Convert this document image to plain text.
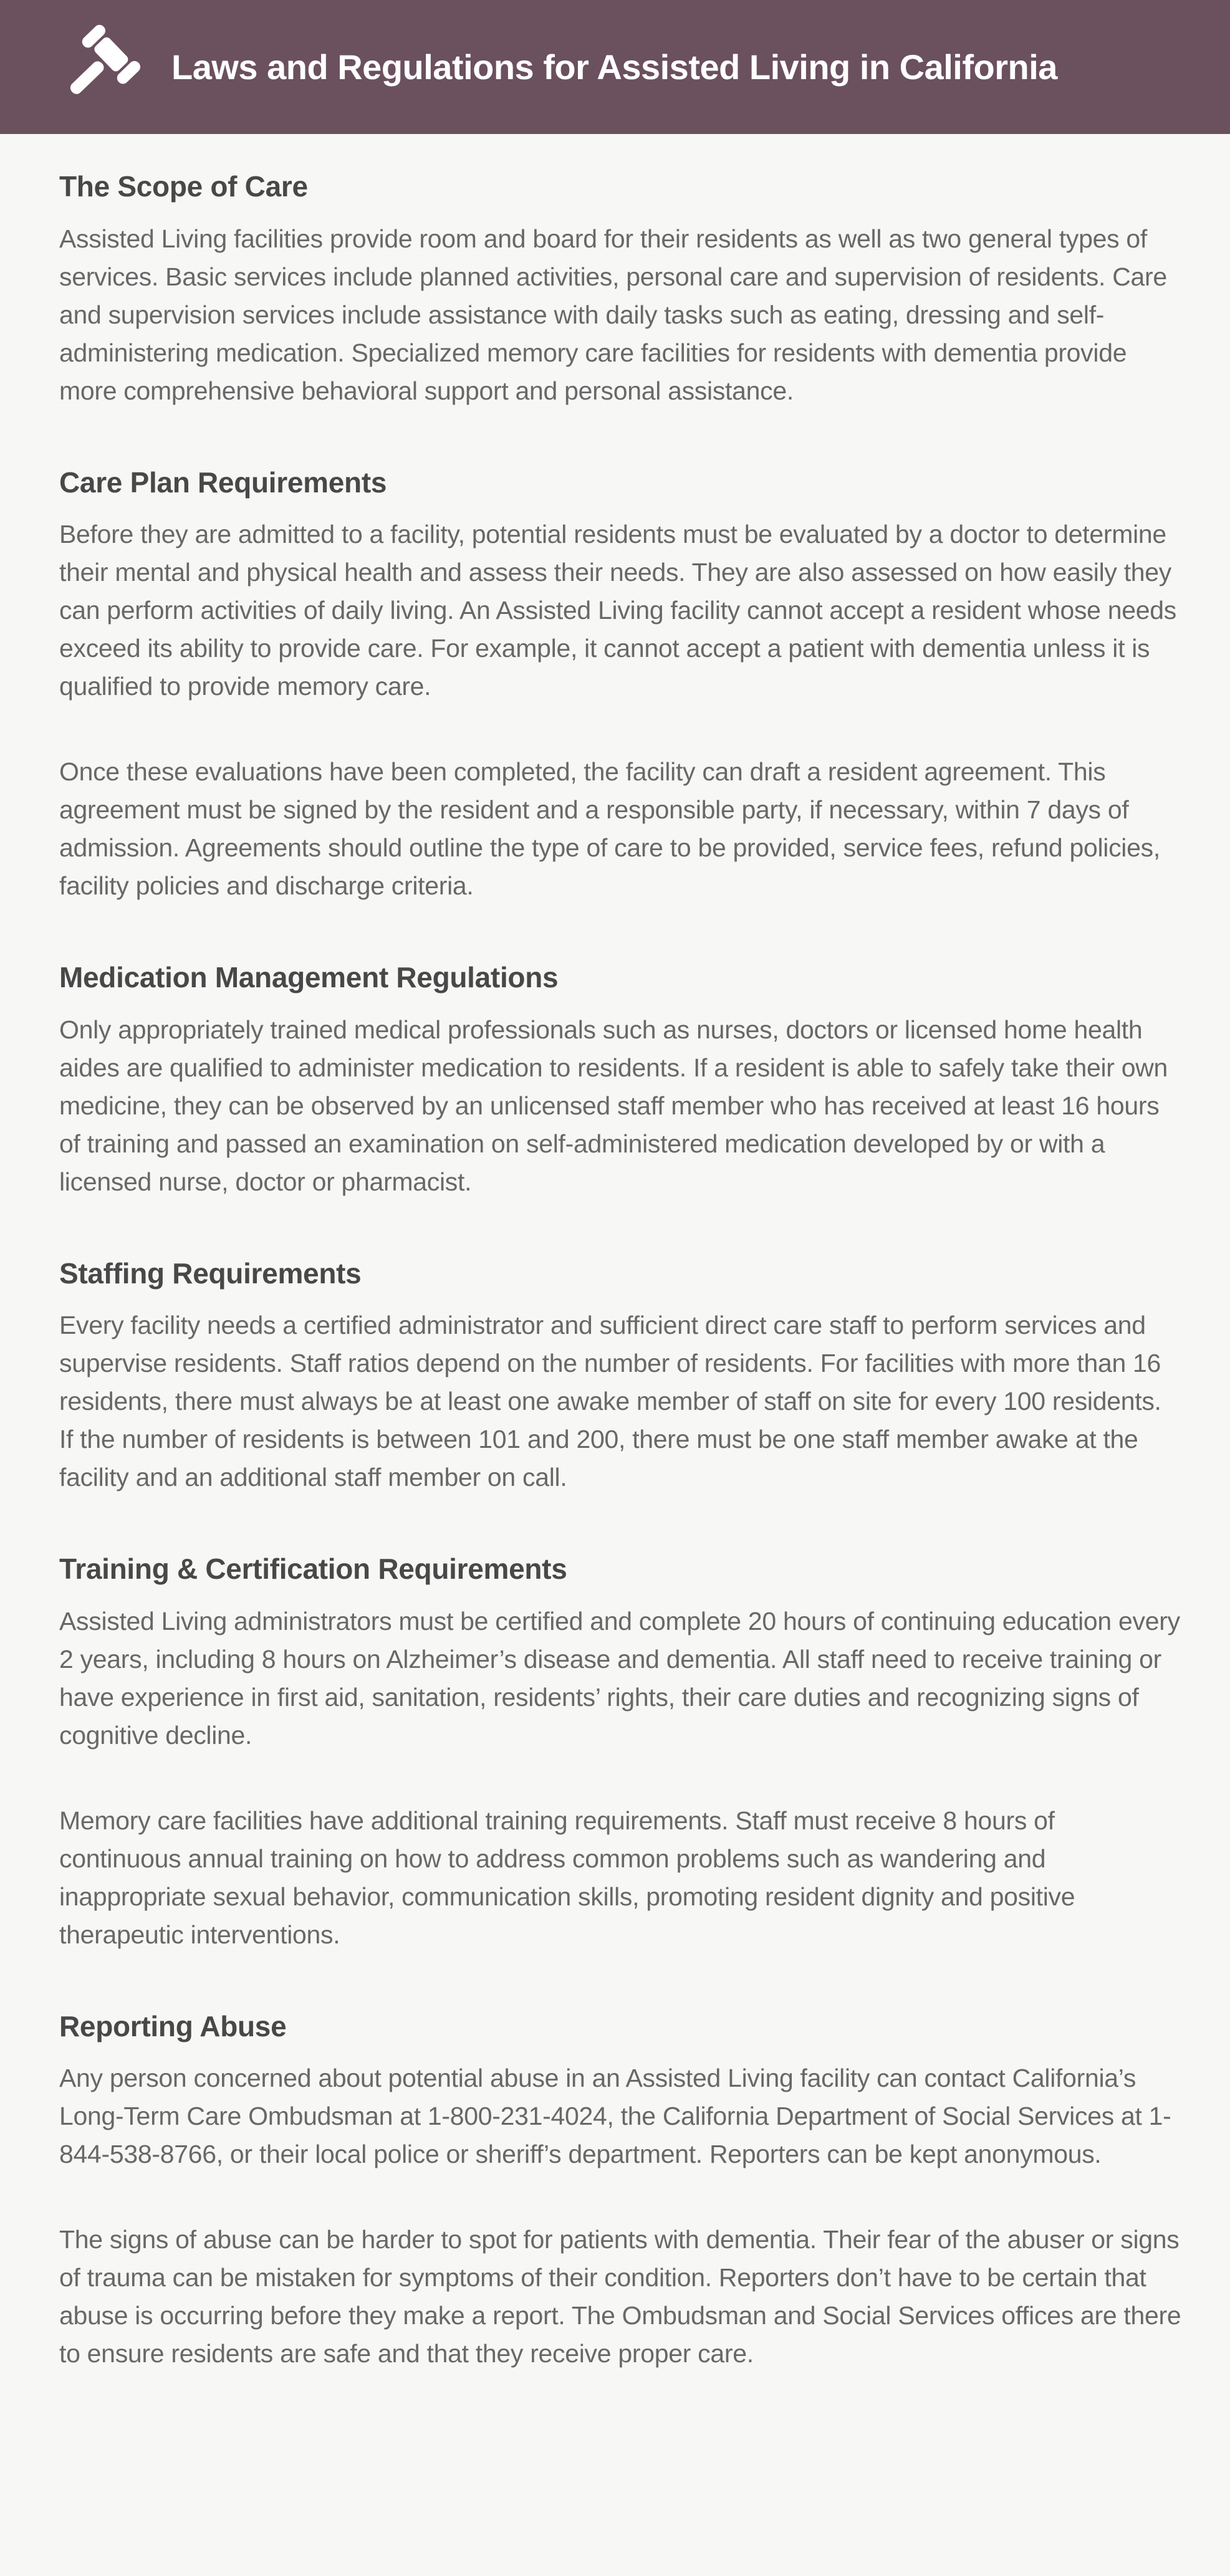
Laws and Regulations for Assisted Living in California
The Scope of Care

Assisted Living facilities provide room and board for their residents as well as two general types of services. Basic services include planned activities, personal care and supervision of residents. Care and supervision services include assistance with daily tasks such as eating, dressing and self-administering medication. Specialized memory care facilities for residents with dementia provide more comprehensive behavioral support and personal assistance.

Care Plan Requirements

Before they are admitted to a facility, potential residents must be evaluated by a doctor to determine their mental and physical health and assess their needs. They are also assessed on how easily they can perform activities of daily living. An Assisted Living facility cannot accept a resident whose needs exceed its ability to provide care. For example, it cannot accept a patient with dementia unless it is qualified to provide memory care.

Once these evaluations have been completed, the facility can draft a resident agreement. This agreement must be signed by the resident and a responsible party, if necessary, within 7 days of admission. Agreements should outline the type of care to be provided, service fees, refund policies, facility policies and discharge criteria.

Medication Management Regulations

Only appropriately trained medical professionals such as nurses, doctors or licensed home health aides are qualified to administer medication to residents. If a resident is able to safely take their own medicine, they can be observed by an unlicensed staff member who has received at least 16 hours of training and passed an examination on self-administered medication developed by or with a licensed nurse, doctor or pharmacist.

Staffing Requirements

Every facility needs a certified administrator and sufficient direct care staff to perform services and supervise residents. Staff ratios depend on the number of residents. For facilities with more than 16 residents, there must always be at least one awake member of staff on site for every 100 residents. If the number of residents is between 101 and 200, there must be one staff member awake at the facility and an additional staff member on call.

Training & Certification Requirements

Assisted Living administrators must be certified and complete 20 hours of continuing education every 2 years, including 8 hours on Alzheimer’s disease and dementia. All staff need to receive training or have experience in first aid, sanitation, residents’ rights, their care duties and recognizing signs of cognitive decline.

Memory care facilities have additional training requirements. Staff must receive 8 hours of continuous annual training on how to address common problems such as wandering and inappropriate sexual behavior, communication skills, promoting resident dignity and positive therapeutic interventions.

Reporting Abuse

Any person concerned about potential abuse in an Assisted Living facility can contact California’s Long-Term Care Ombudsman at 1-800-231-4024, the California Department of Social Services at 1-844-538-8766, or their local police or sheriff’s department. Reporters can be kept anonymous.

The signs of abuse can be harder to spot for patients with dementia. Their fear of the abuser or signs of trauma can be mistaken for symptoms of their condition. Reporters don’t have to be certain that abuse is occurring before they make a report. The Ombudsman and Social Services offices are there to ensure residents are safe and that they receive proper care.
